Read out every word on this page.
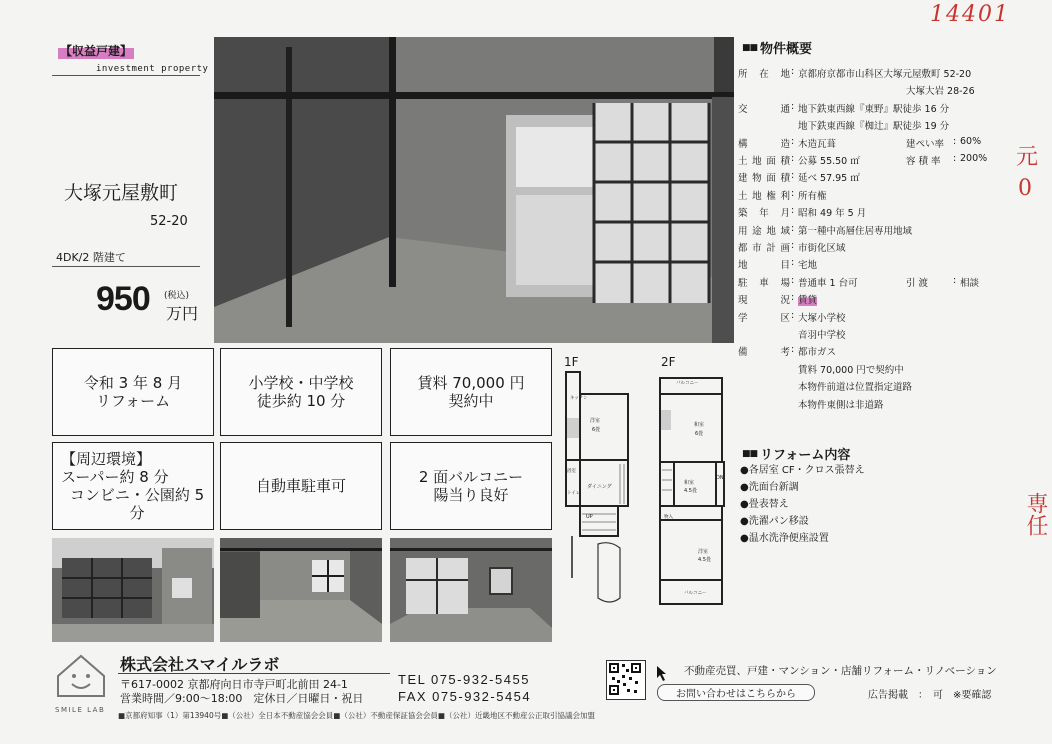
14401
元
0
専任
【収益戸建】
investment property
大塚元屋敷町
52-20
4DK/2 階建て
950 (税込)
万円
令和 3 年 8 月
リフォーム
小学校・中学校
徒歩約 10 分
賃料 70,000 円
契約中
【周辺環境】
スーパー約 8 分
コンビニ・公園約 5 分
自動車駐車可	2 面バルコニー
陽当り良好
1F	2F
洋室
6畳
キッチン
ダイニング
トイレ
浴室
UP
バルコニー
和室
6畳
和室
4.5畳
DN
物入
洋室
4.5畳
バルコニー
■■ 物件概要
所 在 地 : 京都府京都市山科区大塚元屋敷町 52-20
大塚大岩 28-26
交 通 : 地下鉄東西線『東野』駅徒歩 16 分
地下鉄東西線『椥辻』駅徒歩 19 分
構 造 : 木造瓦葺	建ぺい率 : 60%
土地面積 : 公募 55.50 ㎡	容 積 率 : 200%
建物面積 : 延べ 57.95 ㎡
土地権利 : 所有権
築 年 月 : 昭和 49 年 5 月
用途地域 : 第一種中高層住居専用地域
都市計画 : 市街化区域
地 目 : 宅地
駐 車 場 : 普通車 1 台可	引 渡	: 相談
現 況 : 賃貸
学 区 : 大塚小学校
音羽中学校
備 考 : 都市ガス
賃料 70,000 円で契約中
本物件前道は位置指定道路
本物件東側は非道路
■■ リフォーム内容
●各居室 CF・クロス張替え
●洗面台新調
●畳表替え
●洗濯パン移設
●温水洗浄便座設置
SMILE LAB
株式会社スマイルラボ
〒617-0002 京都府向日市寺戸町北前田 24-1
営業時間／9:00～18:00　定休日／日曜日・祝日
TEL 075-932-5455
FAX 075-932-5454
■京都府知事（1）第13940号■（公社）全日本不動産協会会員■（公社）不動産保証協会会員■（公社）近畿地区不動産公正取引協議会加盟
不動産売買、戸建・マンション・店舗リフォーム・リノベーション
お問い合わせはこちらから	広告掲載　：　可　※要確認
